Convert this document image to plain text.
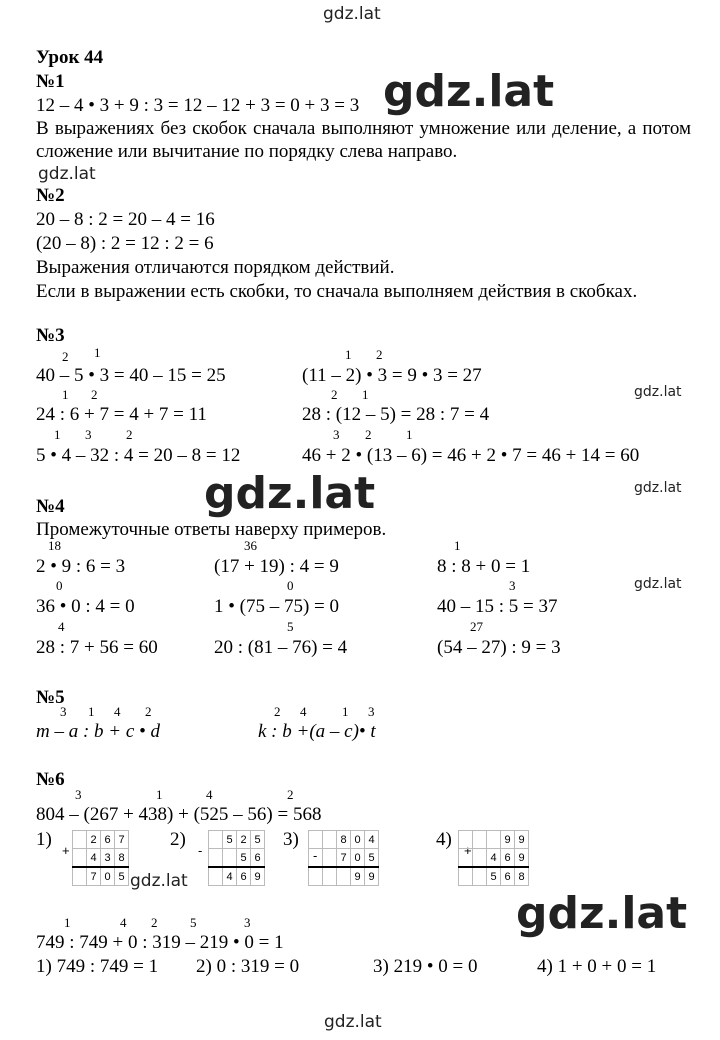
gdz.lat
gdz.lat
gdz.lat
gdz.lat
gdz.lat	gdz.lat
gdz.lat
gdz.lat
gdz.lat
gdz.lat
Урок 44
№1
12 – 4 • 3 + 9 : 3 = 12 – 12 + 3 = 0 + 3 = 3
В выражениях без скобок сначала выполняют умножение или деление, а потом сложение или вычитание по порядку слева направо.
№2
20 – 8 : 2 = 20 – 4 = 16
(20 – 8) : 2 = 12 : 2 = 6
Выражения отличаются порядком действий.
Если в выражении есть скобки, то сначала выполняем действия в скобках.
№3
2 1
40 – 5 • 3 = 40 – 15 = 25
1 2
(11 – 2) • 3 = 9 • 3 = 27
1 2
24 : 6 + 7 = 4 + 7 = 11
2 1
28 : (12 – 5) = 28 : 7 = 4
1 3	2
5 • 4 – 32 : 4 = 20 – 8 = 12
3 2	1
46 + 2 • (13 – 6) = 46 + 2 • 7 = 46 + 14 = 60
№4
Промежуточные ответы наверху примеров.
18
2 • 9 : 6 = 3
36
(17 + 19) : 4 = 9
1
8 : 8 + 0 = 1
0
36 • 0 : 4 = 0
0
1 • (75 – 75) = 0
3
40 – 15 : 5 = 37
4
28 : 7 + 56 = 60
5
20 : (81 – 76) = 4
27
(54 – 27) : 9 = 3
№5
3 1 4 2
m – a : b + c • d
2 4	1 3
k : b +(a – c)• t
№6
3	1	4	2
804 – (267 + 438) + (525 – 56) = 568
1)
+
	2	6	7
	4	3	8
	7	0	5
2)
-
	5	2	5
		5	6
	4	6	9
3)
-
		8	0	4
		7	0	5
			9	9
4)
+
			9	9
		4	6	9
		5	6	8
1	4 2	5	3
749 : 749 + 0 : 319 – 219 • 0 = 1
1) 749 : 749 = 1 2) 0 : 319 = 0	3) 219 • 0 = 0	4) 1 + 0 + 0 = 1
